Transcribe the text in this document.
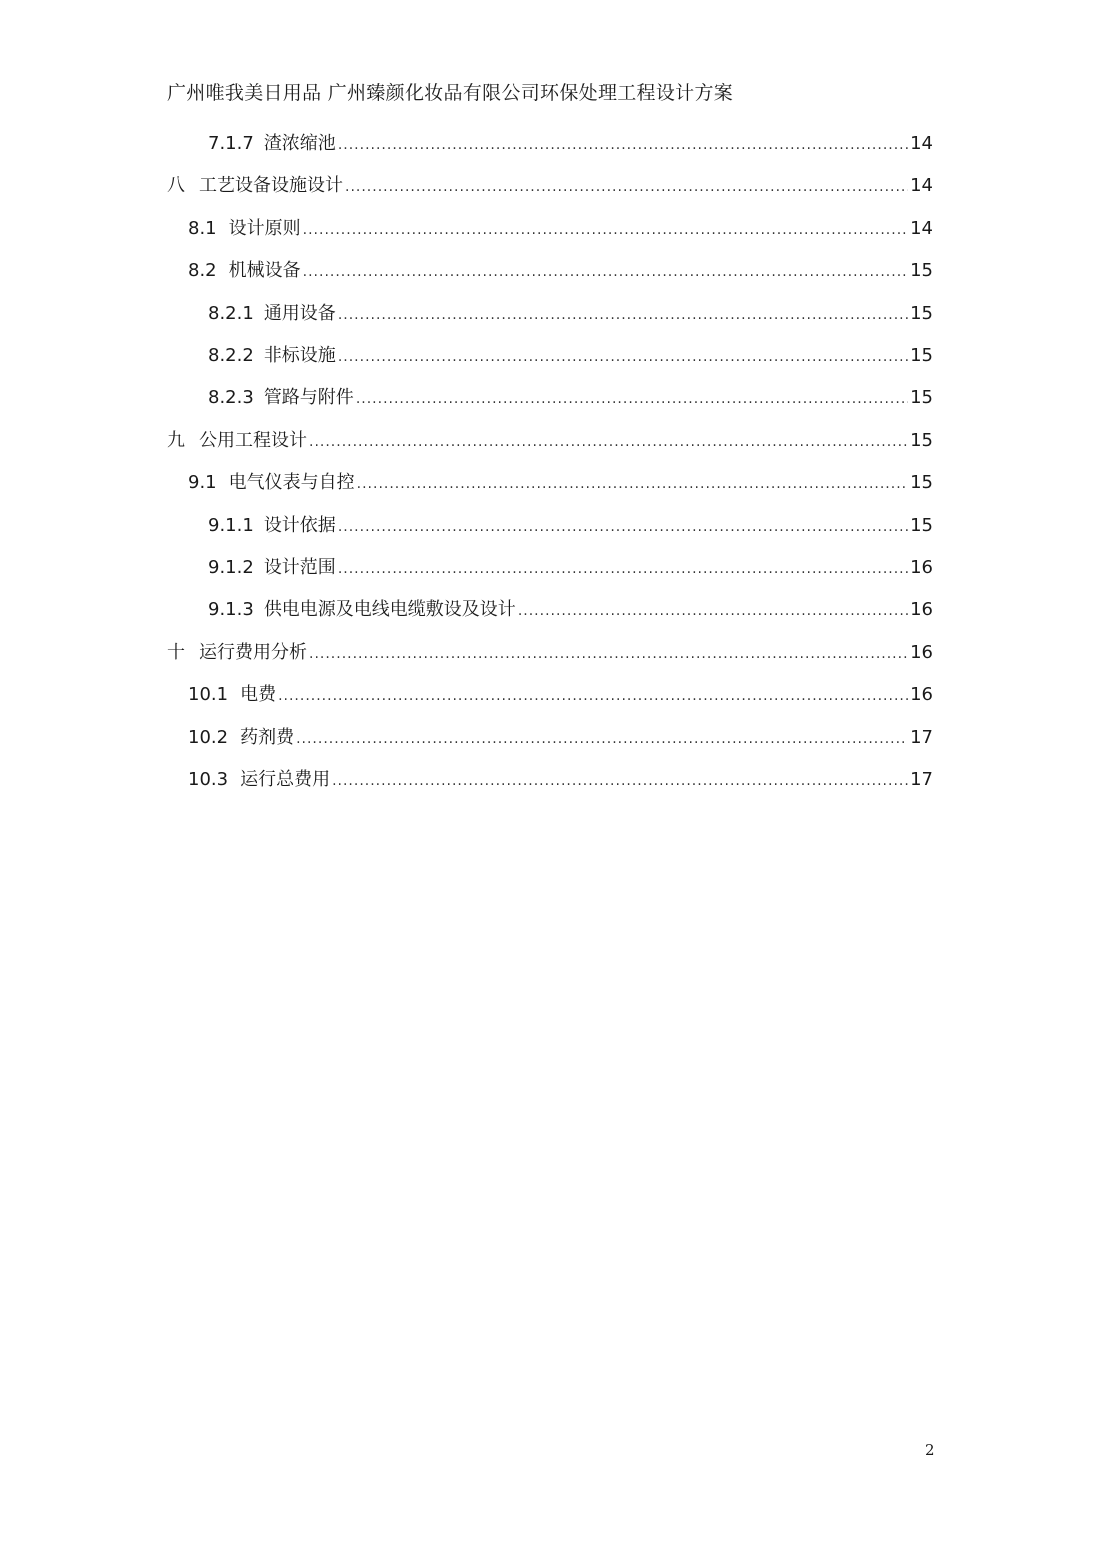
广州唯我美日用品 广州臻颜化妆品有限公司环保处理工程设计方案
7.1.7 渣浓缩池 .....	14
八 工艺设备设施设计 .....	14
8.1 设计原则 .....	14
8.2 机械设备 .....	15
8.2.1 通用设备 .....	15
8.2.2 非标设施 .....	15
8.2.3 管路与附件 .....	15
九 公用工程设计 .....	15
9.1 电气仪表与自控 .....	15
9.1.1 设计依据 .....	15
9.1.2 设计范围 .....	16
9.1.3 供电电源及电线电缆敷设及设计 .....	16
十 运行费用分析 .....	16
10.1 电费 .....	16
10.2 药剂费 .....	17
10.3 运行总费用 .....	17
2
